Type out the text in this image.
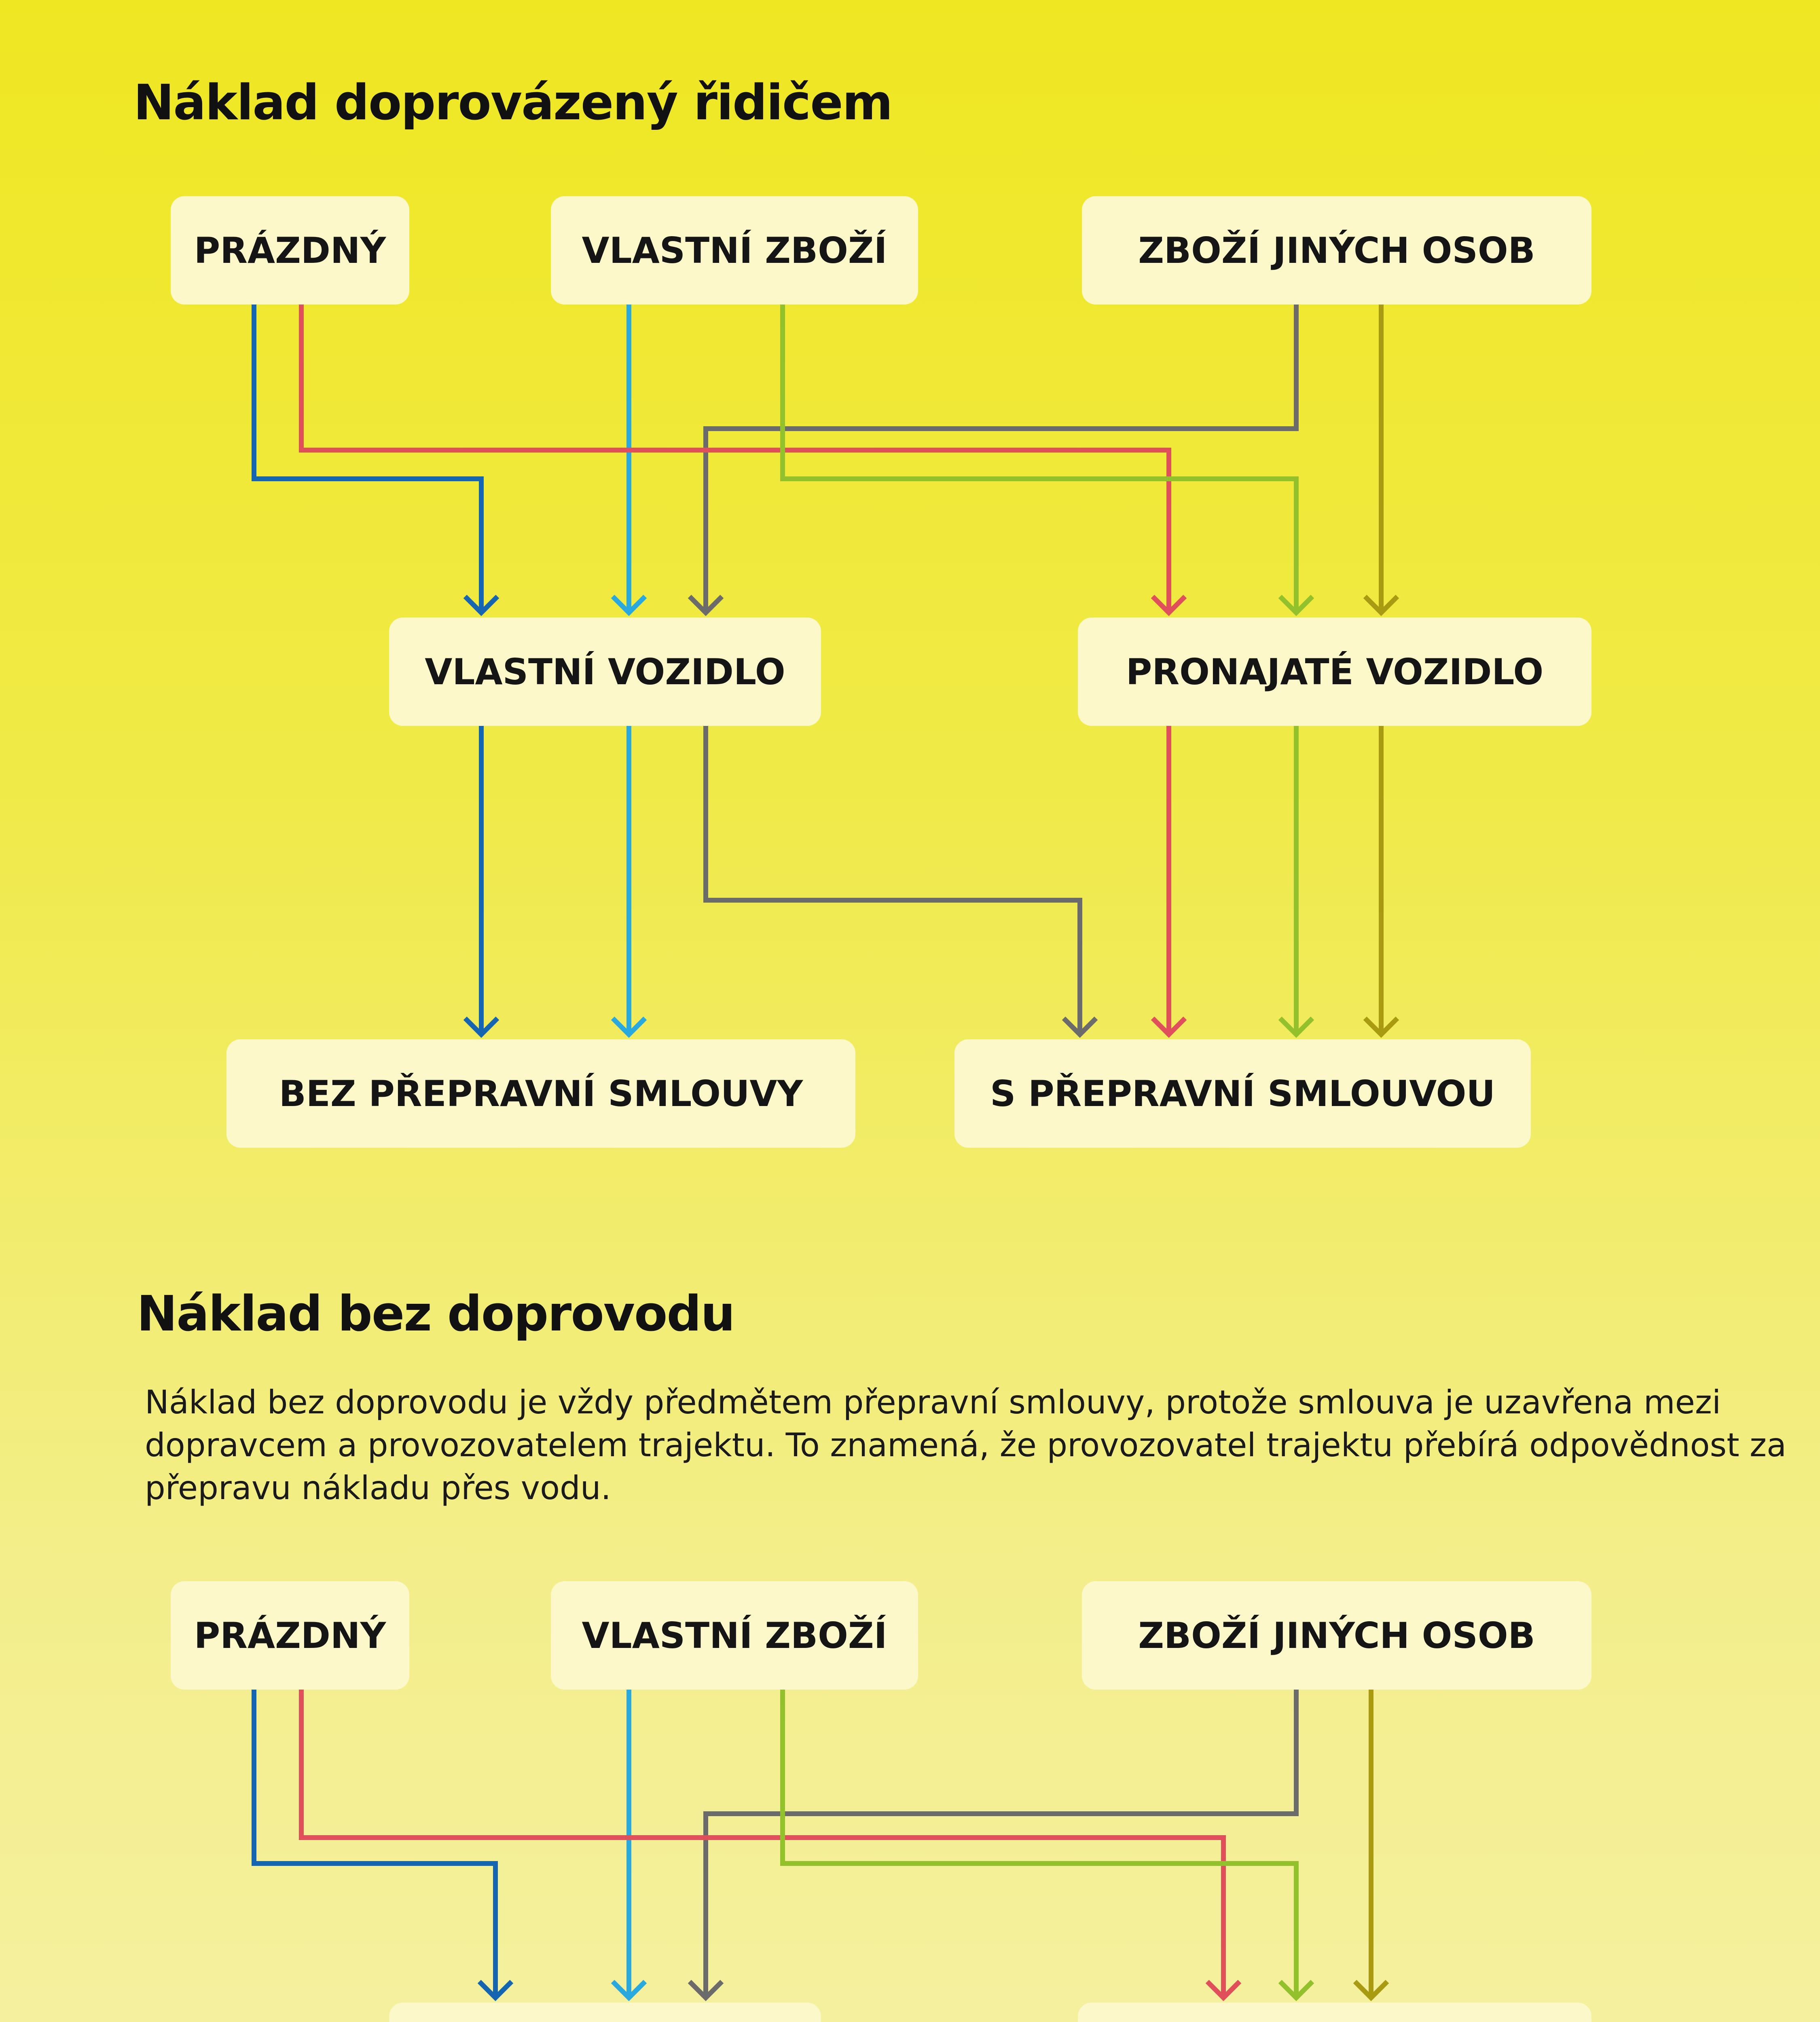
Náklad doprovázený řidičem
PRÁZDNÝ	VLASTNÍ ZBOŽÍ	ZBOŽÍ JINÝCH OSOB
VLASTNÍ VOZIDLO	PRONAJATÉ VOZIDLO
BEZ PŘEPRAVNÍ SMLOUVY	S PŘEPRAVNÍ SMLOUVOU
Náklad bez doprovodu

Náklad bez doprovodu je vždy předmětem přepravní smlouvy, protože smlouva je uzavřena mezi dopravcem a provozovatelem trajektu. To znamená, že provozovatel trajektu přebírá odpovědnost za přepravu nákladu přes vodu.

PRÁZDNÝ	VLASTNÍ ZBOŽÍ	ZBOŽÍ JINÝCH OSOB
